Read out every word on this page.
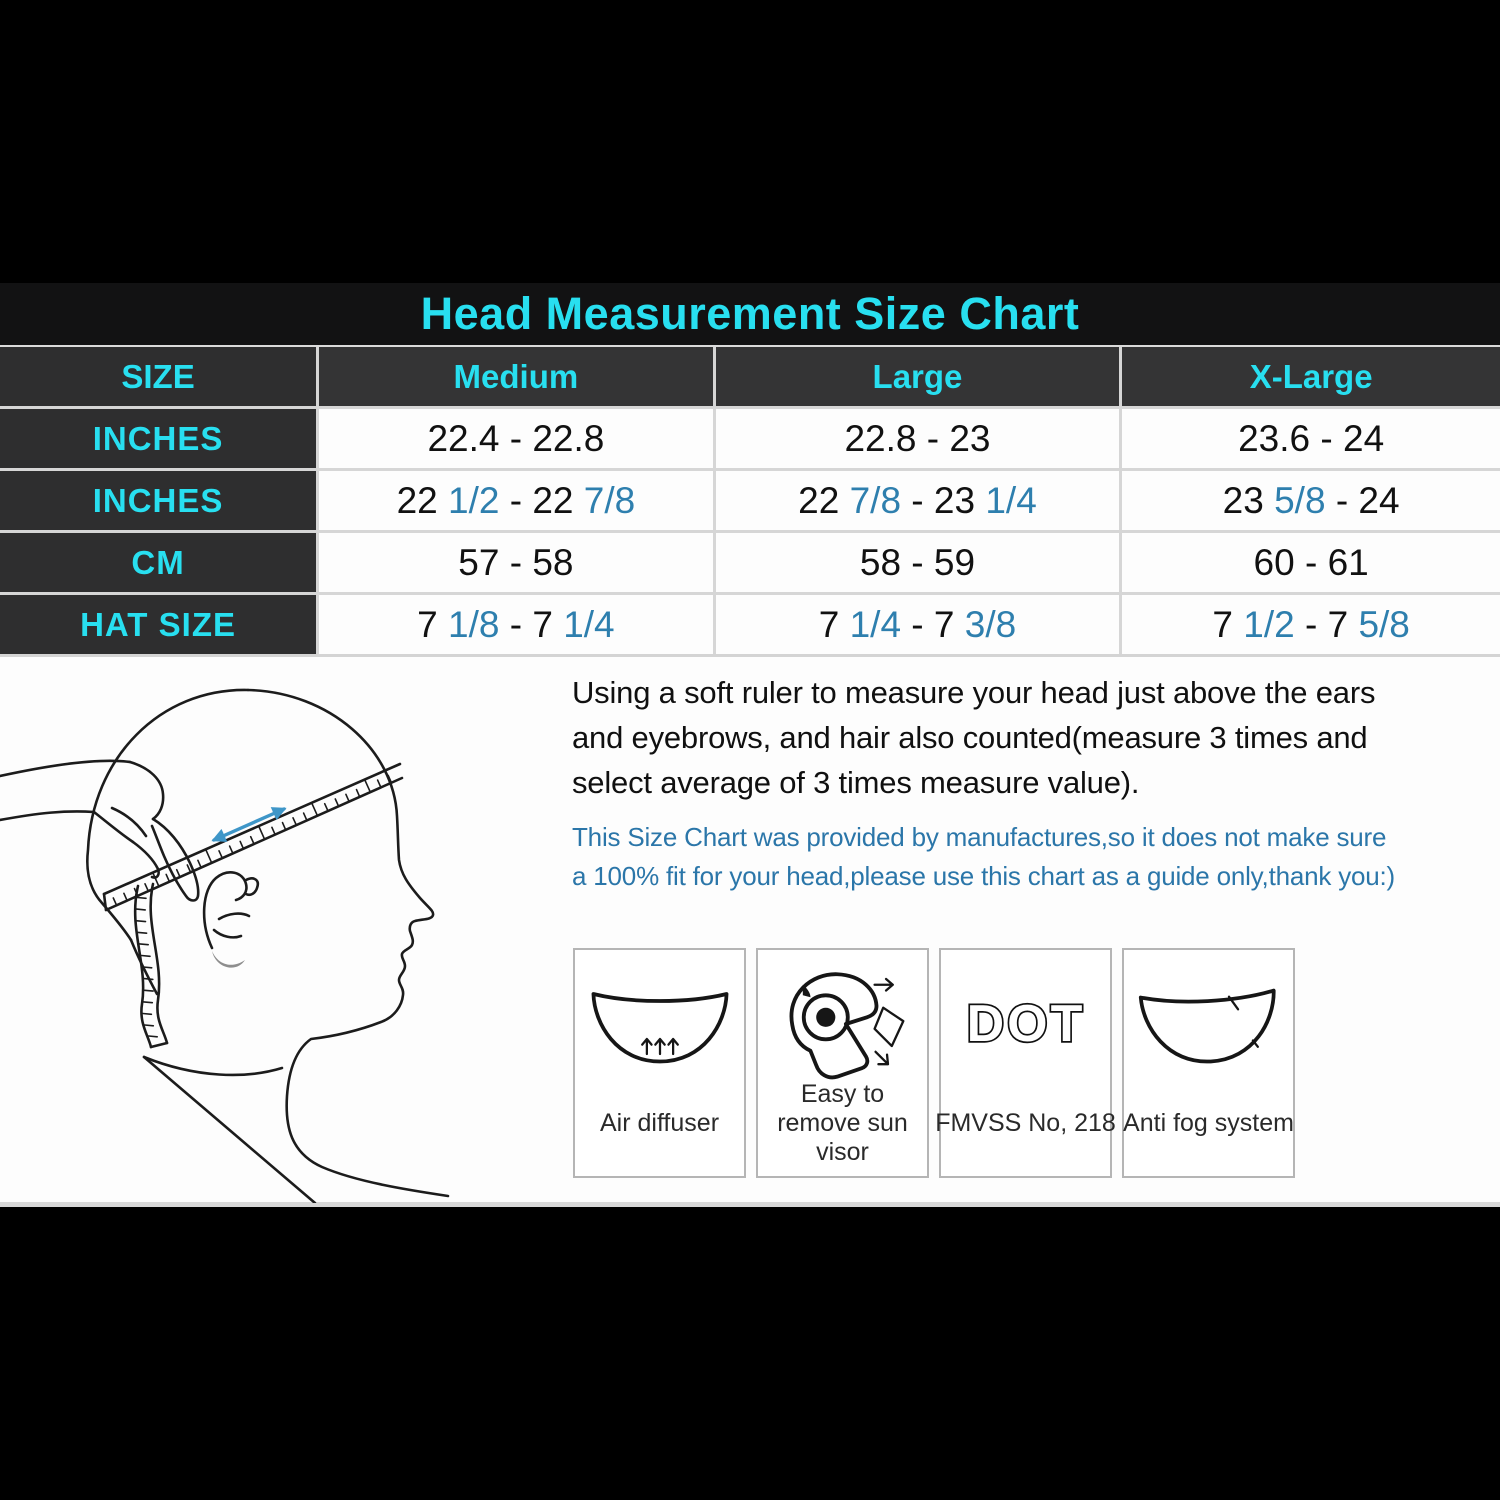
Head Measurement Size Chart
SIZE	Medium	Large	X-Large
INCHES	22.4 - 22.8	22.8 - 23	23.6 - 24
INCHES	22 1/2 - 22 7/8	22 7/8 - 23 1/4	23 5/8 - 24
CM	57 - 58	58 - 59	60 - 61
HAT SIZE	7 1/8 - 7 1/4	7 1/4 - 7 3/8	7 1/2 - 7 5/8
Using a soft ruler to measure your head just above the ears
and eyebrows, and hair also counted(measure 3 times and
select average of 3 times measure value).
This Size Chart was provided by manufactures,so it does not make sure
a 100% fit for your head,please use this chart as a guide only,thank you:)
Air diffuser
Easy to remove sun visor
DOT
FMVSS No, 218 Anti fog system
